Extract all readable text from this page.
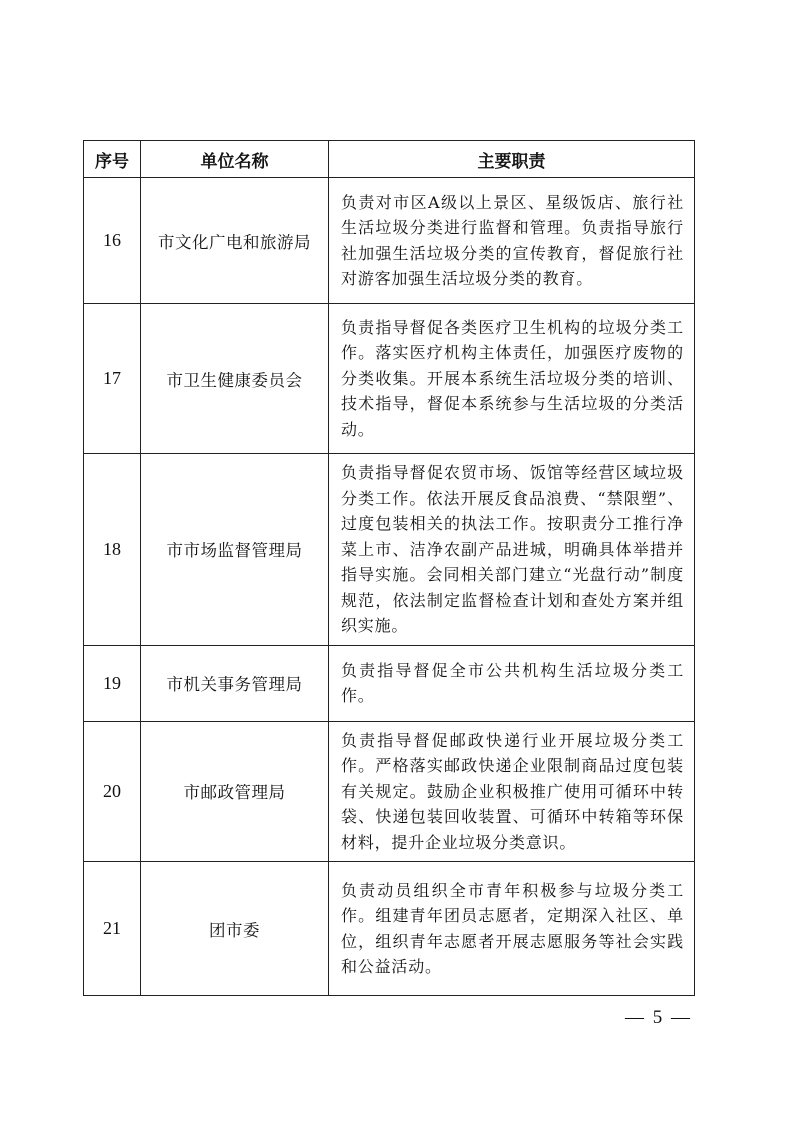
序号	单位名称	主要职责
16	市文化广电和旅游局	负责对市区A级以上景区、星级饭店、旅行社生活垃圾分类进行监督和管理。负责指导旅行社加强生活垃圾分类的宣传教育，督促旅行社对游客加强生活垃圾分类的教育。
17	市卫生健康委员会	负责指导督促各类医疗卫生机构的垃圾分类工作。落实医疗机构主体责任，加强医疗废物的分类收集。开展本系统生活垃圾分类的培训、技术指导，督促本系统参与生活垃圾的分类活动。
18	市市场监督管理局	负责指导督促农贸市场、饭馆等经营区域垃圾分类工作。依法开展反食品浪费、“禁限塑”、过度包装相关的执法工作。按职责分工推行净菜上市、洁净农副产品进城，明确具体举措并指导实施。会同相关部门建立“光盘行动”制度规范，依法制定监督检查计划和查处方案并组织实施。
19	市机关事务管理局	负责指导督促全市公共机构生活垃圾分类工作。
20	市邮政管理局	负责指导督促邮政快递行业开展垃圾分类工作。严格落实邮政快递企业限制商品过度包装有关规定。鼓励企业积极推广使用可循环中转袋、快递包装回收装置、可循环中转箱等环保材料，提升企业垃圾分类意识。
21	团市委	负责动员组织全市青年积极参与垃圾分类工作。组建青年团员志愿者，定期深入社区、单位，组织青年志愿者开展志愿服务等社会实践和公益活动。
— 5 —
